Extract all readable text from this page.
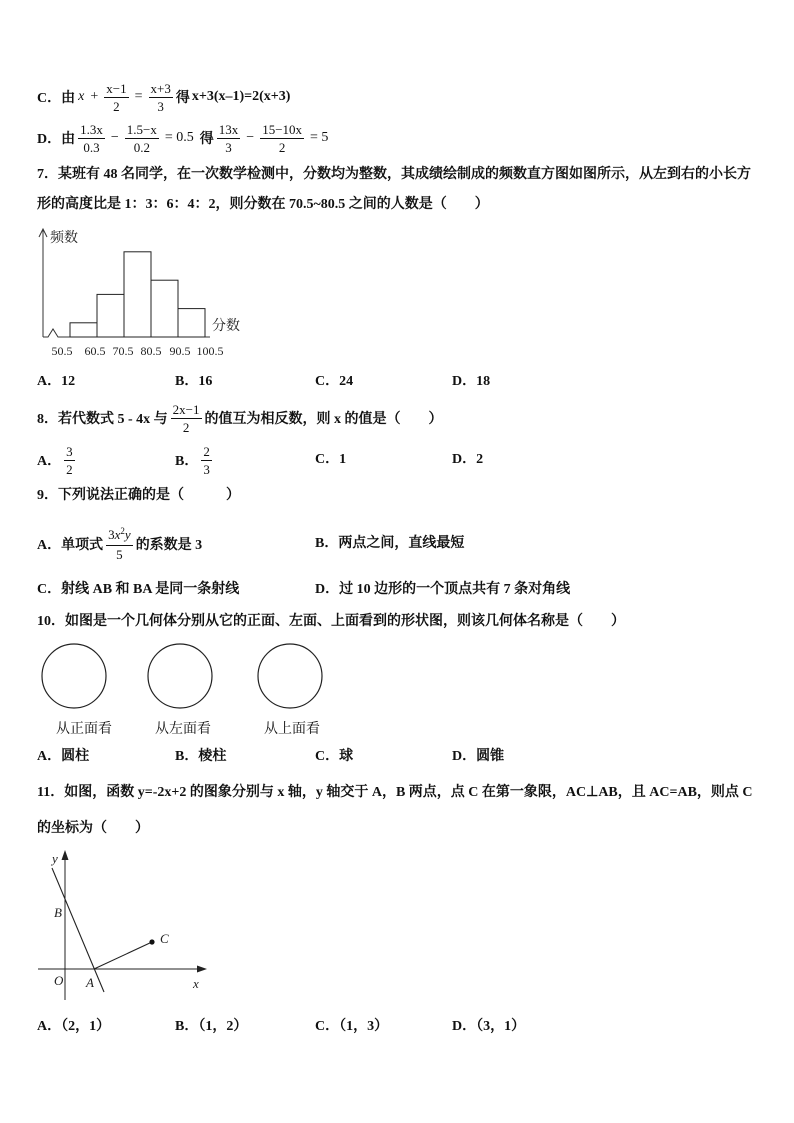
C．由 $x + \frac{x-1}{2} = \frac{x+3}{3}$ 得 x+3(x–1)=2(x+3)
D．由 $\frac{1.3x}{0.3} - \frac{1.5-x}{0.2} = 0.5$ 得 $\frac{13x}{3} - \frac{15-10x}{2} = 5$
7．某班有 48 名同学，在一次数学检测中，分数均为整数，其成绩绘制成的频数直方图如图所示，从左到右的小长方
形的高度比是 1：3：6：4：2，则分数在 70.5~80.5 之间的人数是（　　）
频数
分数
50.5 60.5 70.5 80.5 90.5 100.5
A．12	B．16	C．24	D．18
8．若代数式 5 - 4x 与 $\frac{2x-1}{2}$ 的值互为相反数，则 x 的值是（　　）
A． $\frac{3}{2}$	B． $\frac{2}{3}$	C．1	D．2
9．下列说法正确的是（　　　）
A．单项式 $\frac{3x^2y}{5}$ 的系数是 3	B．两点之间，直线最短
C．射线 AB 和 BA 是同一条射线	D．过 10 边形的一个顶点共有 7 条对角线
10．如图是一个几何体分别从它的正面、左面、上面看到的形状图，则该几何体名称是（　　）
从正面看	从左面看	从上面看
A．圆柱	B．棱柱	C．球	D．圆锥
11．如图，函数 y=-2x+2 的图象分别与 x 轴，y 轴交于 A，B 两点，点 C 在第一象限，AC⊥AB，且 AC=AB，则点 C
的坐标为（　　）
y
x
O A
B
C
A．（2，1）	B．（1，2）	C．（1，3）	D．（3，1）
